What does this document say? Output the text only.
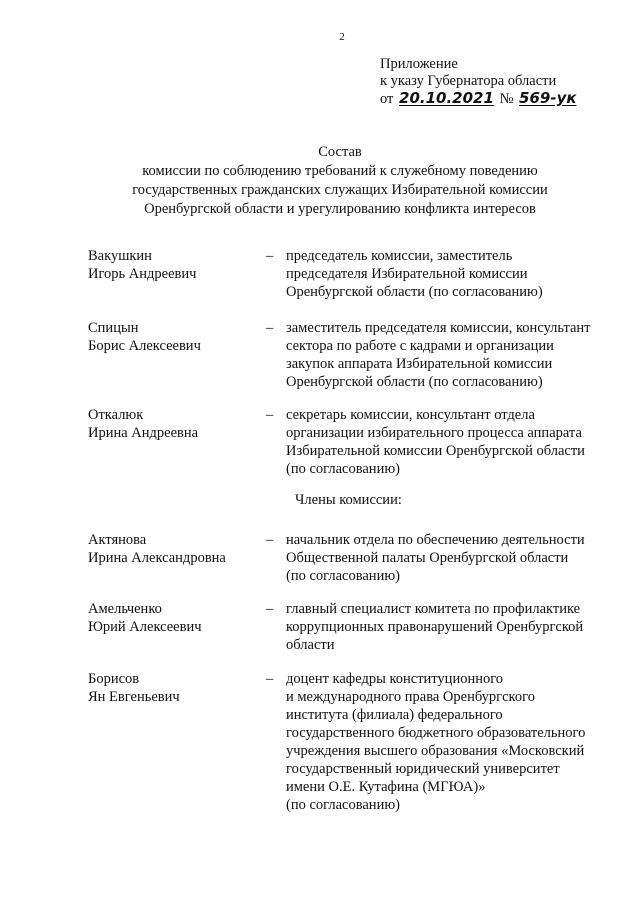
2
Приложение
к указу Губернатора области
от 20.10.2021 № 569-ук
Состав
комиссии по соблюдению требований к служебному поведению
государственных гражданских служащих Избирательной комиссии
Оренбургской области и урегулированию конфликта интересов
Вакушкин
Игорь Андреевич
– председатель комиссии, заместитель
председателя Избирательной комиссии
Оренбургской области (по согласованию)
Спицын
Борис Алексеевич
– заместитель председателя комиссии, консультант
сектора по работе с кадрами и организации
закупок аппарата Избирательной комиссии
Оренбургской области (по согласованию)
Откалюк
Ирина Андреевна
– секретарь комиссии, консультант отдела
организации избирательного процесса аппарата
Избирательной комиссии Оренбургской области
(по согласованию)
Члены комиссии:
Актянова
Ирина Александровна
– начальник отдела по обеспечению деятельности
Общественной палаты Оренбургской области
(по согласованию)
Амельченко
Юрий Алексеевич
– главный специалист комитета по профилактике
коррупционных правонарушений Оренбургской
области
Борисов
Ян Евгеньевич
– доцент кафедры конституционного
и международного права Оренбургского
института (филиала) федерального
государственного бюджетного образовательного
учреждения высшего образования «Московский
государственный юридический университет
имени О.Е. Кутафина (МГЮА)»
(по согласованию)
